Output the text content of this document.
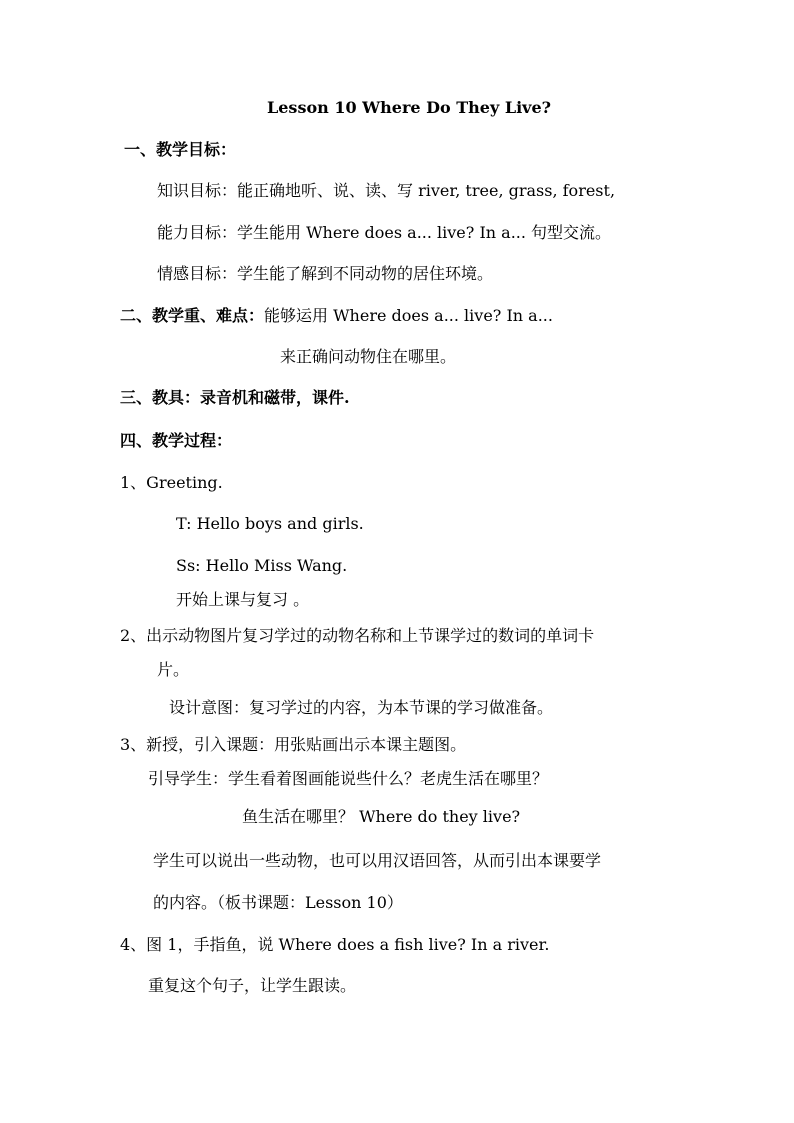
Lesson 10 Where Do They Live?
一、教学目标：
知识目标：能正确地听、说、读、写 river, tree, grass, forest,
能力目标：学生能用 Where does a... live? In a... 句型交流。
情感目标：学生能了解到不同动物的居住环境。
二、教学重、难点：能够运用 Where does a... live? In a...
来正确问动物住在哪里。
三、教具：录音机和磁带，课件.
四、教学过程：
1、Greeting.
T: Hello boys and girls.
Ss: Hello Miss Wang.
开始上课与复习 。
2、出示动物图片复习学过的动物名称和上节课学过的数词的单词卡
片。
设计意图：复习学过的内容，为本节课的学习做准备。
3、新授，引入课题：用张贴画出示本课主题图。
引导学生：学生看着图画能说些什么？老虎生活在哪里？
鱼生活在哪里？ Where do they live?
学生可以说出一些动物，也可以用汉语回答，从而引出本课要学
的内容。（板书课题：Lesson 10）
4、图 1，手指鱼，说 Where does a fish live? In a river.
重复这个句子，让学生跟读。
